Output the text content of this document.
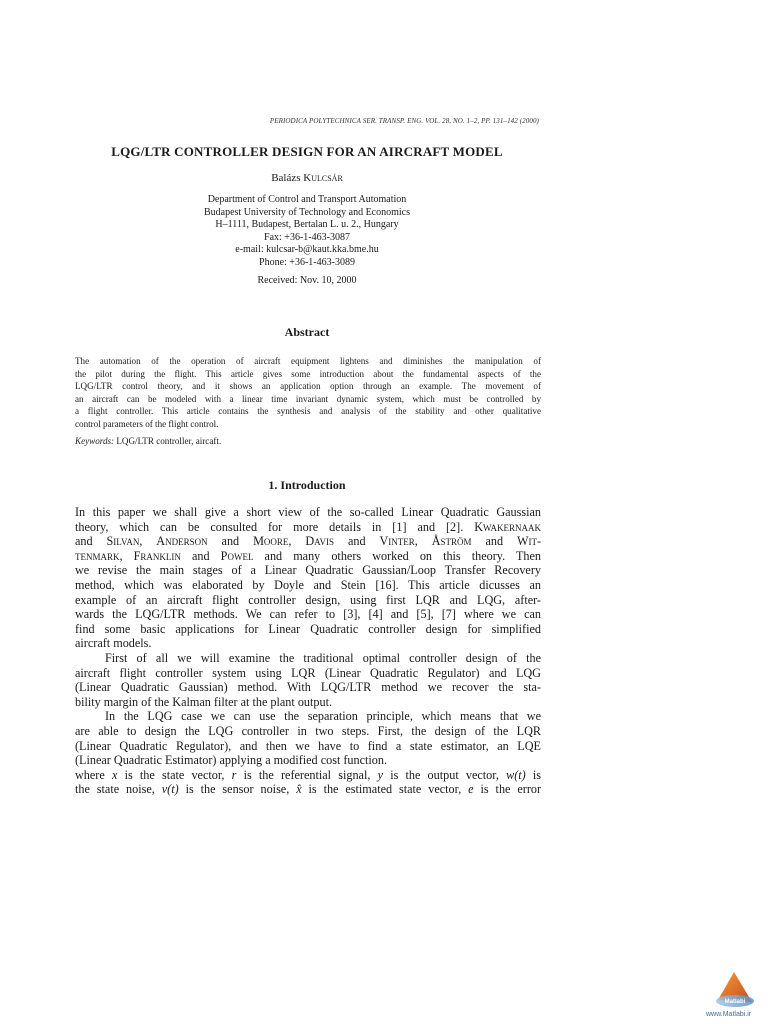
PERIODICA POLYTECHNICA SER. TRANSP. ENG. VOL. 28, NO. 1–2, PP. 131–142 (2000)
LQG/LTR CONTROLLER DESIGN FOR AN AIRCRAFT MODEL
Balázs Kulcsár
Department of Control and Transport Automation
Budapest University of Technology and Economics
H–1111, Budapest, Bertalan L. u. 2., Hungary
Fax: +36-1-463-3087
e-mail: kulcsar-b@kaut.kka.bme.hu
Phone: +36-1-463-3089
Received: Nov. 10, 2000
Abstract
The automation of the operation of aircraft equipment lightens and diminishes the manipulation of
the pilot during the flight. This article gives some introduction about the fundamental aspects of the
LQG/LTR control theory, and it shows an application option through an example. The movement of
an aircraft can be modeled with a linear time invariant dynamic system, which must be controlled by
a flight controller. This article contains the synthesis and analysis of the stability and other qualitative
control parameters of the flight control.
Keywords: LQG/LTR controller, aircaft.
1. Introduction
In this paper we shall give a short view of the so-called Linear Quadratic Gaussian
theory, which can be consulted for more details in [1] and [2]. Kwakernaak
and Silvan, Anderson and Moore, Davis and Vinter, Åström and Wit-
tenmark, Franklin and Powel and many others worked on this theory. Then
we revise the main stages of a Linear Quadratic Gaussian/Loop Transfer Recovery
method, which was elaborated by Doyle and Stein [16]. This article dicusses an
example of an aircraft flight controller design, using first LQR and LQG, after-
wards the LQG/LTR methods. We can refer to [3], [4] and [5], [7] where we can
find some basic applications for Linear Quadratic controller design for simplified
aircraft models.
First of all we will examine the traditional optimal controller design of the
aircraft flight controller system using LQR (Linear Quadratic Regulator) and LQG
(Linear Quadratic Gaussian) method. With LQG/LTR method we recover the sta-
bility margin of the Kalman filter at the plant output.
In the LQG case we can use the separation principle, which means that we
are able to design the LQG controller in two steps. First, the design of the LQR
(Linear Quadratic Regulator), and then we have to find a state estimator, an LQE
(Linear Quadratic Estimator) applying a modified cost function.
where x is the state vector, r is the referential signal, y is the output vector, w(t) is
the state noise, v(t) is the sensor noise, x̂ is the estimated state vector, e is the error
Matlabi
www.Matlabi.ir
